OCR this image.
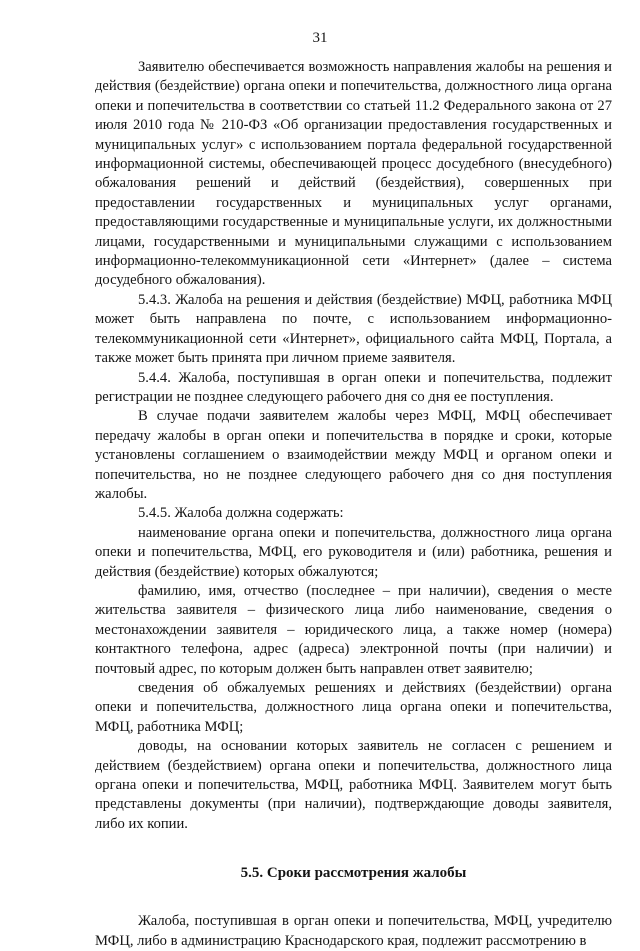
31

Заявителю обеспечивается возможность направления жалобы на решения и действия (бездействие) органа опеки и попечительства, должностного лица органа опеки и попечительства в соответствии со статьей 11.2 Федерального закона от 27 июля 2010 года № 210-ФЗ «Об организации предоставления государственных и муниципальных услуг» с использованием портала федеральной государственной информационной системы, обеспечивающей процесс досудебного (внесудебного) обжалования решений и действий (бездействия), совершенных при предоставлении государственных и муниципальных услуг органами, предоставляющими государственные и муниципальные услуги, их должностными лицами, государственными и муниципальными служащими с использованием информационно-телекоммуникационной сети «Интернет» (далее – система досудебного обжалования).

5.4.3. Жалоба на решения и действия (бездействие) МФЦ, работника МФЦ может быть направлена по почте, с использованием информационно-телекоммуникационной сети «Интернет», официального сайта МФЦ, Портала, а также может быть принята при личном приеме заявителя.

5.4.4. Жалоба, поступившая в орган опеки и попечительства, подлежит регистрации не позднее следующего рабочего дня со дня ее поступления.

В случае подачи заявителем жалобы через МФЦ, МФЦ обеспечивает передачу жалобы в орган опеки и попечительства в порядке и сроки, которые установлены соглашением о взаимодействии между МФЦ и органом опеки и попечительства, но не позднее следующего рабочего дня со дня поступления жалобы.

5.4.5. Жалоба должна содержать:

наименование органа опеки и попечительства, должностного лица органа опеки и попечительства, МФЦ, его руководителя и (или) работника, решения и действия (бездействие) которых обжалуются;

фамилию, имя, отчество (последнее – при наличии), сведения о месте жительства заявителя – физического лица либо наименование, сведения о местонахождении заявителя – юридического лица, а также номер (номера) контактного телефона, адрес (адреса) электронной почты (при наличии) и почтовый адрес, по которым должен быть направлен ответ заявителю;

сведения об обжалуемых решениях и действиях (бездействии) органа опеки и попечительства, должностного лица органа опеки и попечительства, МФЦ, работника МФЦ;

доводы, на основании которых заявитель не согласен с решением и действием (бездействием) органа опеки и попечительства, должностного лица органа опеки и попечительства, МФЦ, работника МФЦ. Заявителем могут быть представлены документы (при наличии), подтверждающие доводы заявителя, либо их копии.

5.5. Сроки рассмотрения жалобы

Жалоба, поступившая в орган опеки и попечительства, МФЦ, учредителю МФЦ, либо в администрацию Краснодарского края, подлежит рассмотрению в
